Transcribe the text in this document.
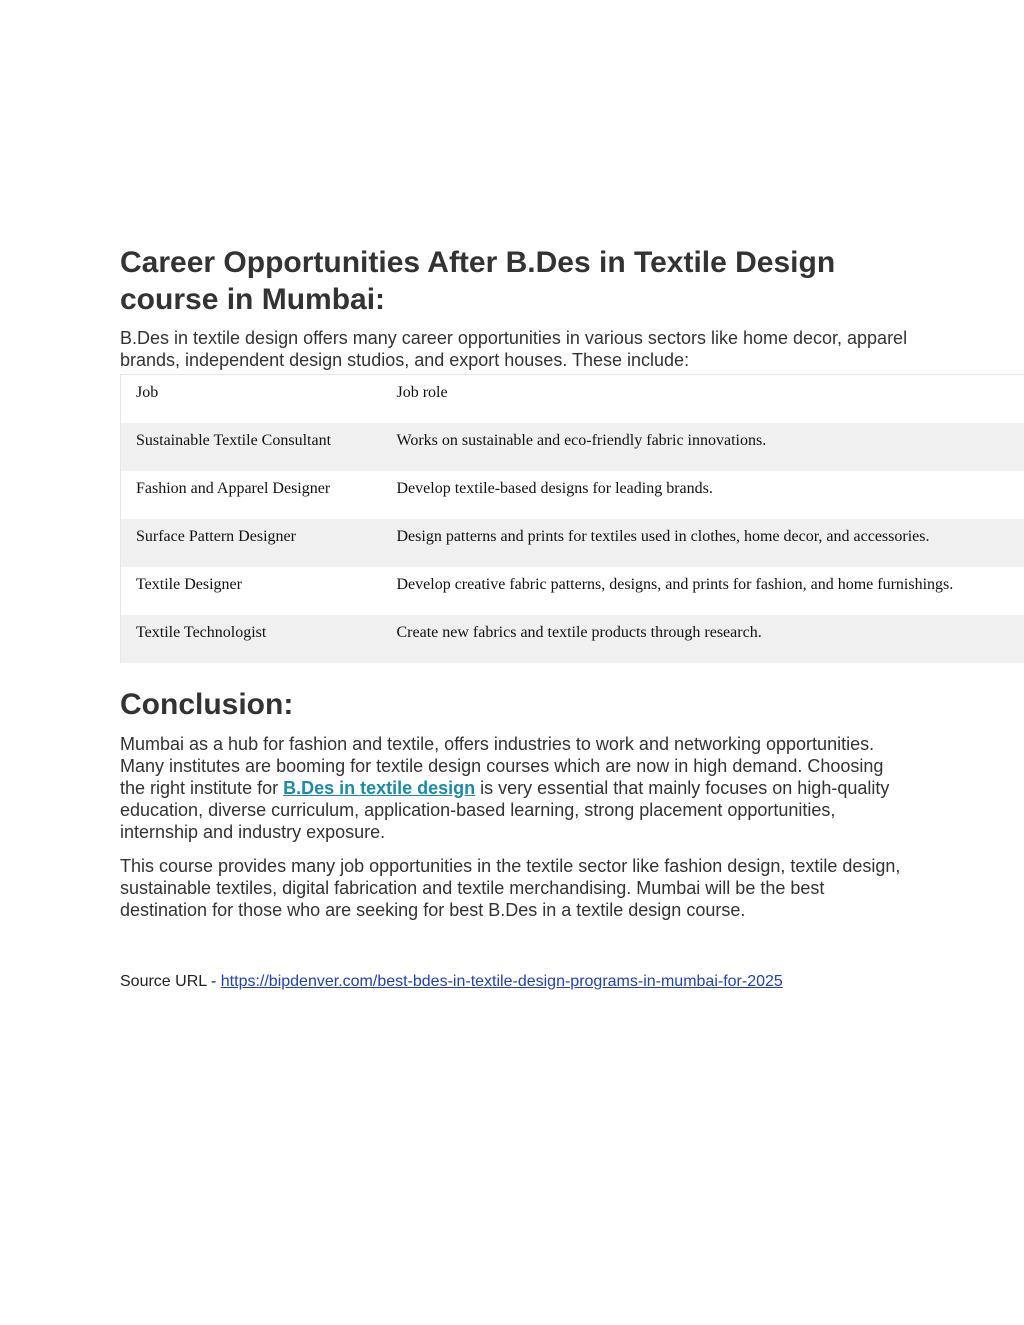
Career Opportunities After B.Des in Textile Design course in Mumbai:

B.Des in textile design offers many career opportunities in various sectors like home decor, apparel brands, independent design studios, and export houses. These include:

Job	Job role
Sustainable Textile Consultant	Works on sustainable and eco-friendly fabric innovations.
Fashion and Apparel Designer	Develop textile-based designs for leading brands.
Surface Pattern Designer	Design patterns and prints for textiles used in clothes, home decor, and accessories.
Textile Designer	Develop creative fabric patterns, designs, and prints for fashion, and home furnishings.
Textile Technologist	Create new fabrics and textile products through research.
Conclusion:

Mumbai as a hub for fashion and textile, offers industries to work and networking opportunities. Many institutes are booming for textile design courses which are now in high demand. Choosing the right institute for B.Des in textile design is very essential that mainly focuses on high-quality education, diverse curriculum, application-based learning, strong placement opportunities, internship and industry exposure.

This course provides many job opportunities in the textile sector like fashion design, textile design, sustainable textiles, digital fabrication and textile merchandising. Mumbai will be the best destination for those who are seeking for best B.Des in a textile design course.

Source URL - https://bipdenver.com/best-bdes-in-textile-design-programs-in-mumbai-for-2025
